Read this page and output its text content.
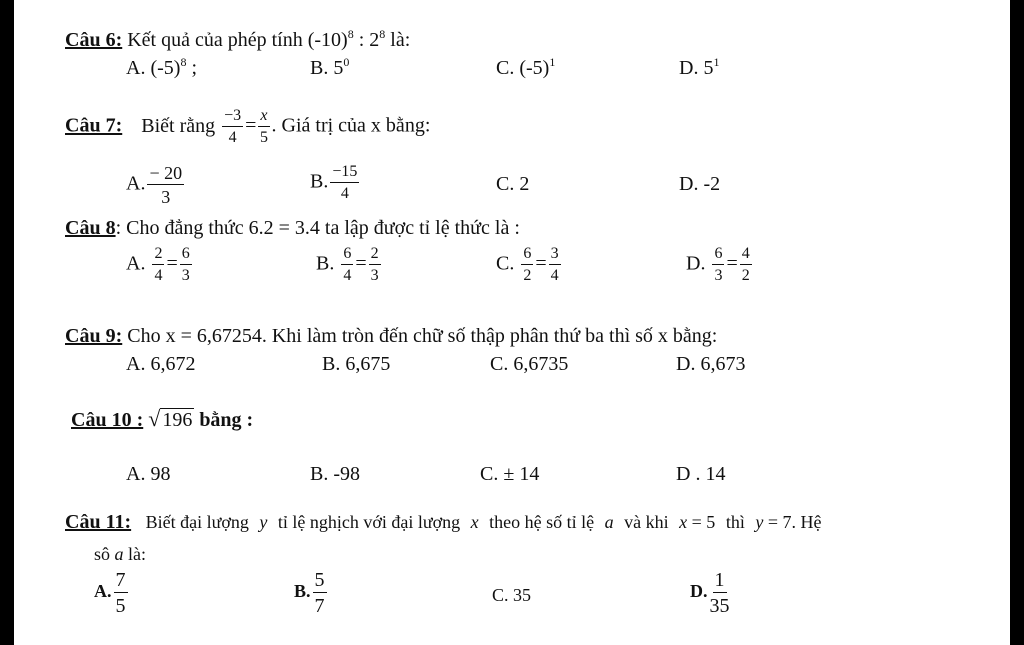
Câu 6: Kết quả của phép tính $(-10)^8$ : $2^8$ là:
A. $(-5)^8$ ;	B. $5^0$	C. $(-5)^1$	D. $5^1$
Câu 7: Biết rằng $\frac{-3}{4} = \frac{x}{5}$ . Giá trị của x bằng:
A. $\frac{- 20}{3}$	B. $\frac{-15}{4}$	C. 2	D. -2
Câu 8: Cho đẳng thức 6.2 = 3.4 ta lập được tỉ lệ thức là :
A. $\frac{2}{4} = \frac{6}{3}$	B. $\frac{6}{4} = \frac{2}{3}$	C. $\frac{6}{2} = \frac{3}{4}$	D. $\frac{6}{3} = \frac{4}{2}$
Câu 9: Cho x = 6,67254. Khi làm tròn đến chữ số thập phân thứ ba thì số x bằng:
A. 6,672	B. 6,675	C. 6,6735	D. 6,673
Câu 10 : √ 196 bằng :
A. 98	B. -98	C. ± 14	D . 14
Câu 11: Biết đại lượng y tỉ lệ nghịch với đại lượng x theo hệ số tỉ lệ a và khi x = 5 thì y = 7. Hệ
sô a là:
A. $\frac{7}{5}$	B. $\frac{5}{7}$	C. 35	D. $\frac{1}{35}$
